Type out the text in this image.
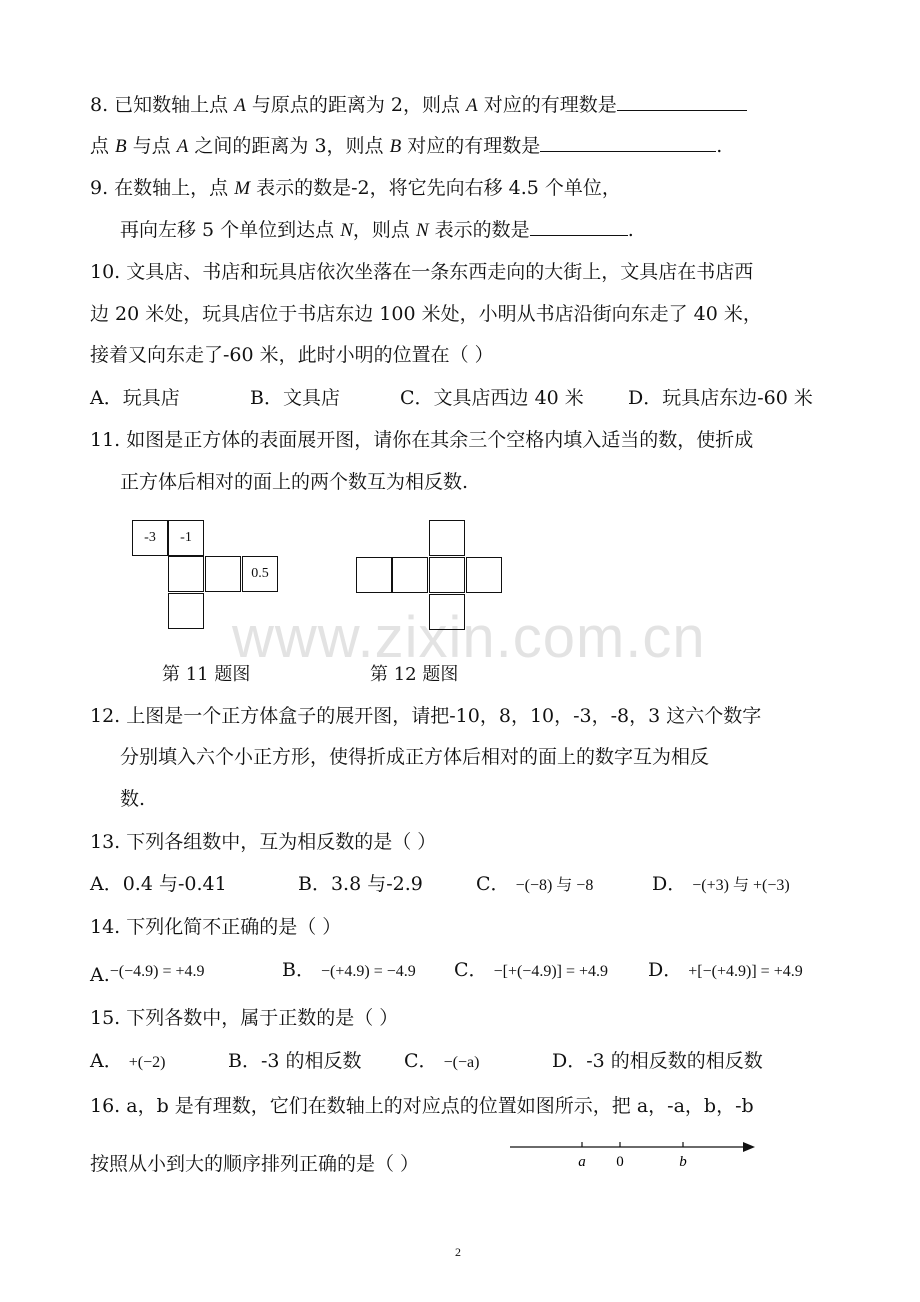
www.zixin.com.cn
8. 已知数轴上点 A 与原点的距离为 2，则点 A 对应的有理数是
点 B 与点 A 之间的距离为 3，则点 B 对应的有理数是	.
9. 在数轴上，点 M 表示的数是-2，将它先向右移 4.5 个单位，
再向左移 5 个单位到达点 N，则点 N 表示的数是	.
10. 文具店、书店和玩具店依次坐落在一条东西走向的大街上，文具店在书店西
边 20 米处，玩具店位于书店东边 100 米处，小明从书店沿街向东走了 40 米，
接着又向东走了-60 米，此时小明的位置在（ ）
A．玩具店	B．文具店	C．文具店西边 40 米 D．玩具店东边-60 米
11. 如图是正方体的表面展开图，请你在其余三个空格内填入适当的数，使折成
正方体后相对的面上的两个数互为相反数.
-3	-1
0.5
第 11 题图	第 12 题图
12. 上图是一个正方体盒子的展开图，请把-10，8，10，-3，-8，3 这六个数字
分别填入六个小正方形，使得折成正方体后相对的面上的数字互为相反
数.
13. 下列各组数中，互为相反数的是（ ）
A．0.4 与-0.41	B．3.8 与-2.9	C． −(−8) 与 −8	D． −(+3) 与 +(−3)
14. 下列化简不正确的是（ ）
A.−(−4.9) = +4.9	B． −(+4.9) = −4.9 C． −[+(−4.9)] = +4.9 D． +[−(+4.9)] = +4.9
15. 下列各数中，属于正数的是（ ）
A． +(−2)	B．-3 的相反数 C． −(−a)	D．-3 的相反数的相反数
16. a，b 是有理数，它们在数轴上的对应点的位置如图所示，把 a，-a，b，-b
按照从小到大的顺序排列正确的是（ ）	a 0	b
2
